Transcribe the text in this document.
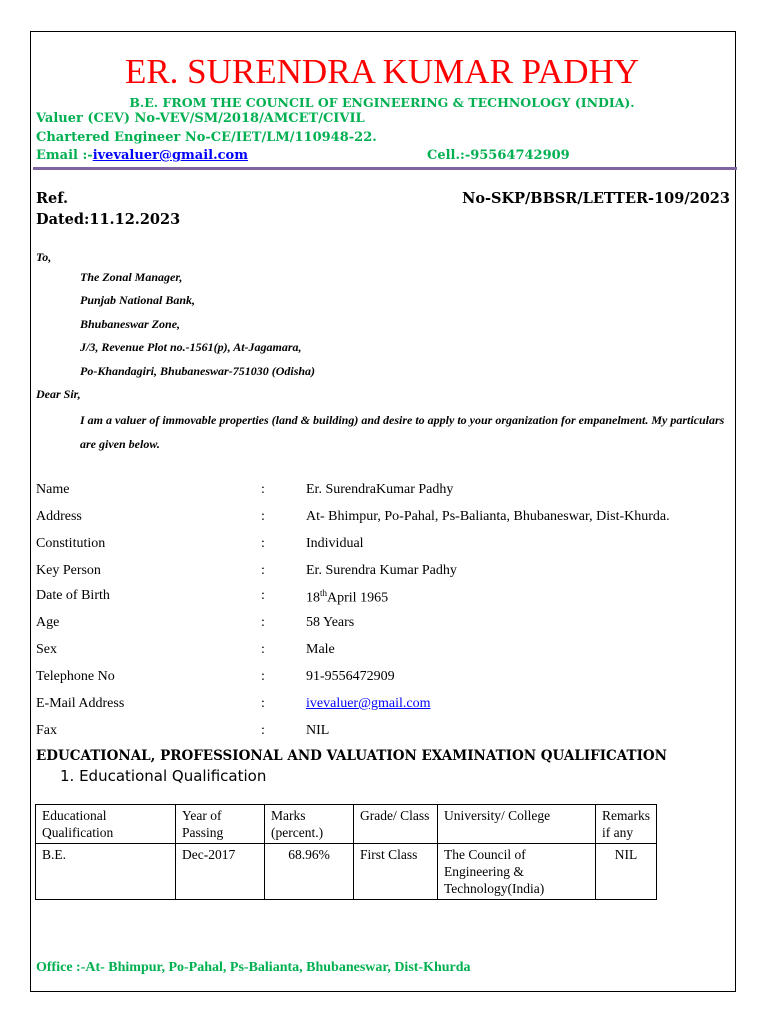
ER. SURENDRA KUMAR PADHY
B.E. FROM THE COUNCIL OF ENGINEERING & TECHNOLOGY (INDIA).
Valuer (CEV) No-VEV/SM/2018/AMCET/CIVIL
Chartered Engineer No-CE/IET/LM/110948-22.
Email :-ivevaluer@gmail.com	Cell.:-95564742909
Ref.	No-SKP/BBSR/LETTER-109/2023
Dated:11.12.2023
To,
The Zonal Manager,
Punjab National Bank,
Bhubaneswar Zone,
J/3, Revenue Plot no.-1561(p), At-Jagamara,
Po-Khandagiri, Bhubaneswar-751030 (Odisha)
Dear Sir,
I am a valuer of immovable properties (land & building) and desire to apply to your organization for empanelment. My particulars are given below.
Name	:	Er. SurendraKumar Padhy
Address	:	At- Bhimpur, Po-Pahal, Ps-Balianta, Bhubaneswar, Dist-Khurda.
Constitution	:	Individual
Key Person	:	Er. Surendra Kumar Padhy
Date of Birth	:	18thApril 1965
Age	:	58 Years
Sex	:	Male
Telephone No	:	91-9556472909
E-Mail Address	:	ivevaluer@gmail.com
Fax	:	NIL
EDUCATIONAL, PROFESSIONAL AND VALUATION EXAMINATION QUALIFICATION
1. Educational Qualification
Educational Qualification	Year of Passing	Marks (percent.)	Grade/ Class	University/ College	Remarks if any
B.E.	Dec-2017	68.96%	First Class	The Council of Engineering & Technology(India)	NIL
Office :-At- Bhimpur, Po-Pahal, Ps-Balianta, Bhubaneswar, Dist-Khurda
